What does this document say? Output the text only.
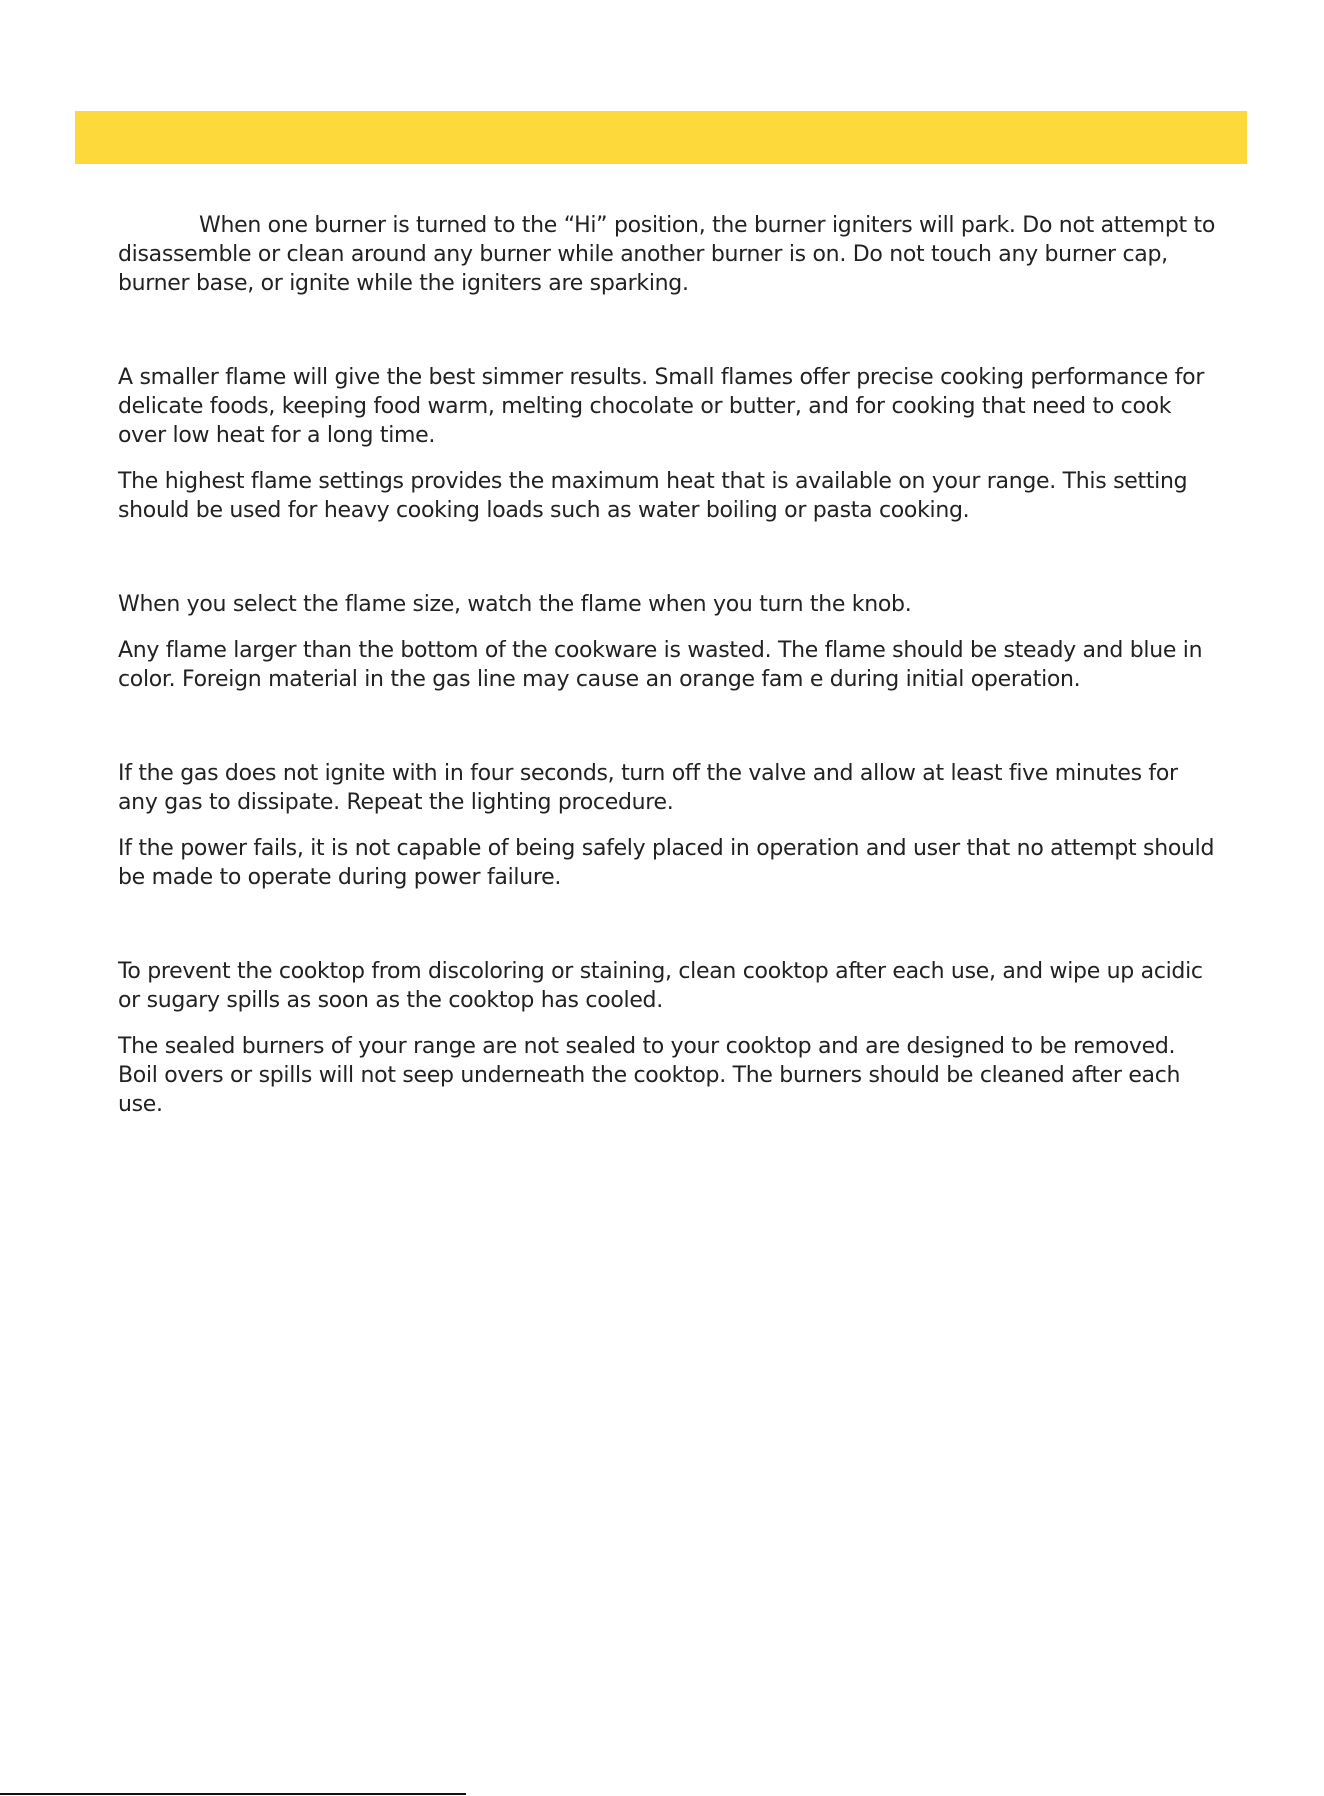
When one burner is turned to the “Hi” position, the burner igniters will park. Do not attempt to disassemble or clean around any burner while another burner is on. Do not touch any burner cap, burner base, or ignite while the igniters are sparking.

A smaller flame will give the best simmer results. Small flames offer precise cooking performance for delicate foods, keeping food warm, melting chocolate or butter, and for cooking that need to cook over low heat for a long time.

The highest flame settings provides the maximum heat that is available on your range. This setting should be used for heavy cooking loads such as water boiling or pasta cooking.

When you select the flame size, watch the flame when you turn the knob.

Any flame larger than the bottom of the cookware is wasted. The flame should be steady and blue in color. Foreign material in the gas line may cause an orange fam e during initial operation.

If the gas does not ignite with in four seconds, turn off the valve and allow at least five minutes for any gas to dissipate. Repeat the lighting procedure.

If the power fails, it is not capable of being safely placed in operation and user that no attempt should be made to operate during power failure.

To prevent the cooktop from discoloring or staining, clean cooktop after each use, and wipe up acidic or sugary spills as soon as the cooktop has cooled.

The sealed burners of your range are not sealed to your cooktop and are designed to be removed. Boil overs or spills will not seep underneath the cooktop. The burners should be cleaned after each use.
